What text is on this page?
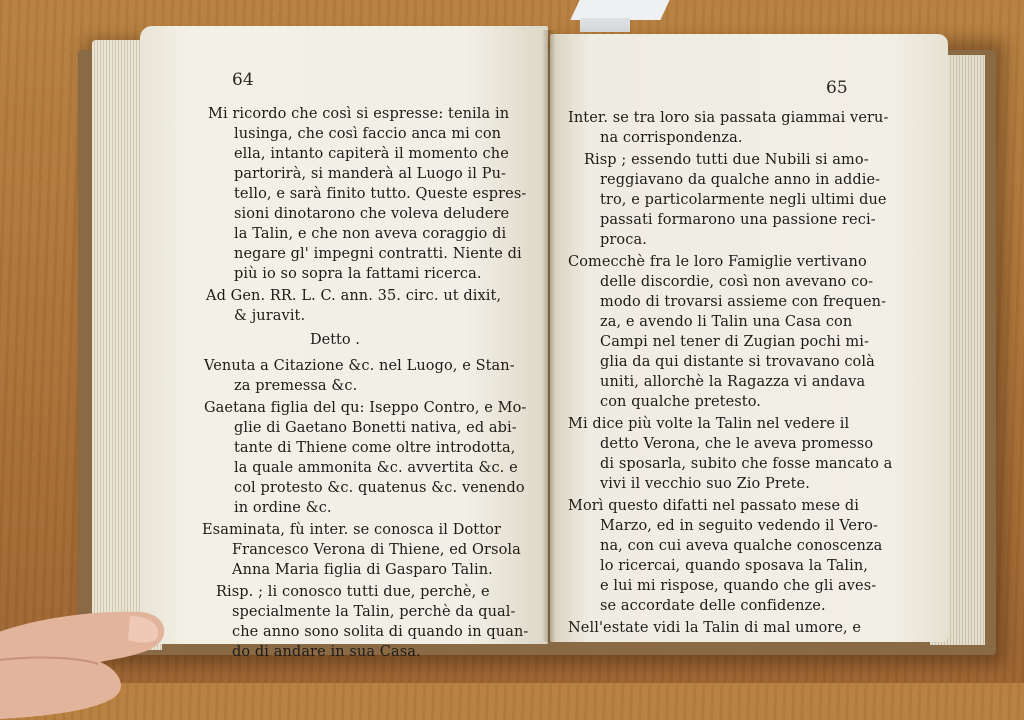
64
Mi ricordo che così si espresse: tenila in
lusinga, che così faccio anca mi con
ella, intanto capiterà il momento che
partorirà, si manderà al Luogo il Pu-
tello, e sarà finito tutto. Queste espres-
sioni dinotarono che voleva deludere
la Talin, e che non aveva coraggio di
negare gl' impegni contratti. Niente di
più io so sopra la fattami ricerca.
Ad Gen. RR. L. C. ann. 35. circ. ut dixit,
& juravit.
Detto .
Venuta a Citazione &c. nel Luogo, e Stan-
za premessa &c.
Gaetana figlia del qu: Iseppo Contro, e Mo-
glie di Gaetano Bonetti nativa, ed abi-
tante di Thiene come oltre introdotta,
la quale ammonita &c. avvertita &c. e
col protesto &c. quatenus &c. venendo
in ordine &c.
Esaminata, fù inter. se conosca il Dottor
Francesco Verona di Thiene, ed Orsola
Anna Maria figlia di Gasparo Talin.
Risp. ; li conosco tutti due, perchè, e
specialmente la Talin, perchè da qual-
che anno sono solita di quando in quan-
do di andare in sua Casa.
65
Inter. se tra loro sia passata giammai veru-
na corrispondenza.
Risp ; essendo tutti due Nubili si amo-
reggiavano da qualche anno in addie-
tro, e particolarmente negli ultimi due
passati formarono una passione reci-
proca.
Comecchè fra le loro Famiglie vertivano
delle discordie, così non avevano co-
modo di trovarsi assieme con frequen-
za, e avendo li Talin una Casa con
Campi nel tener di Zugian pochi mi-
glia da qui distante si trovavano colà
uniti, allorchè la Ragazza vi andava
con qualche pretesto.
Mi dice più volte la Talin nel vedere il
detto Verona, che le aveva promesso
di sposarla, subito che fosse mancato a
vivi il vecchio suo Zio Prete.
Morì questo difatti nel passato mese di
Marzo, ed in seguito vedendo il Vero-
na, con cui aveva qualche conoscenza
lo ricercai, quando sposava la Talin,
e lui mi rispose, quando che gli aves-
se accordate delle confidenze.
Nell'estate vidi la Talin di mal umore, e
